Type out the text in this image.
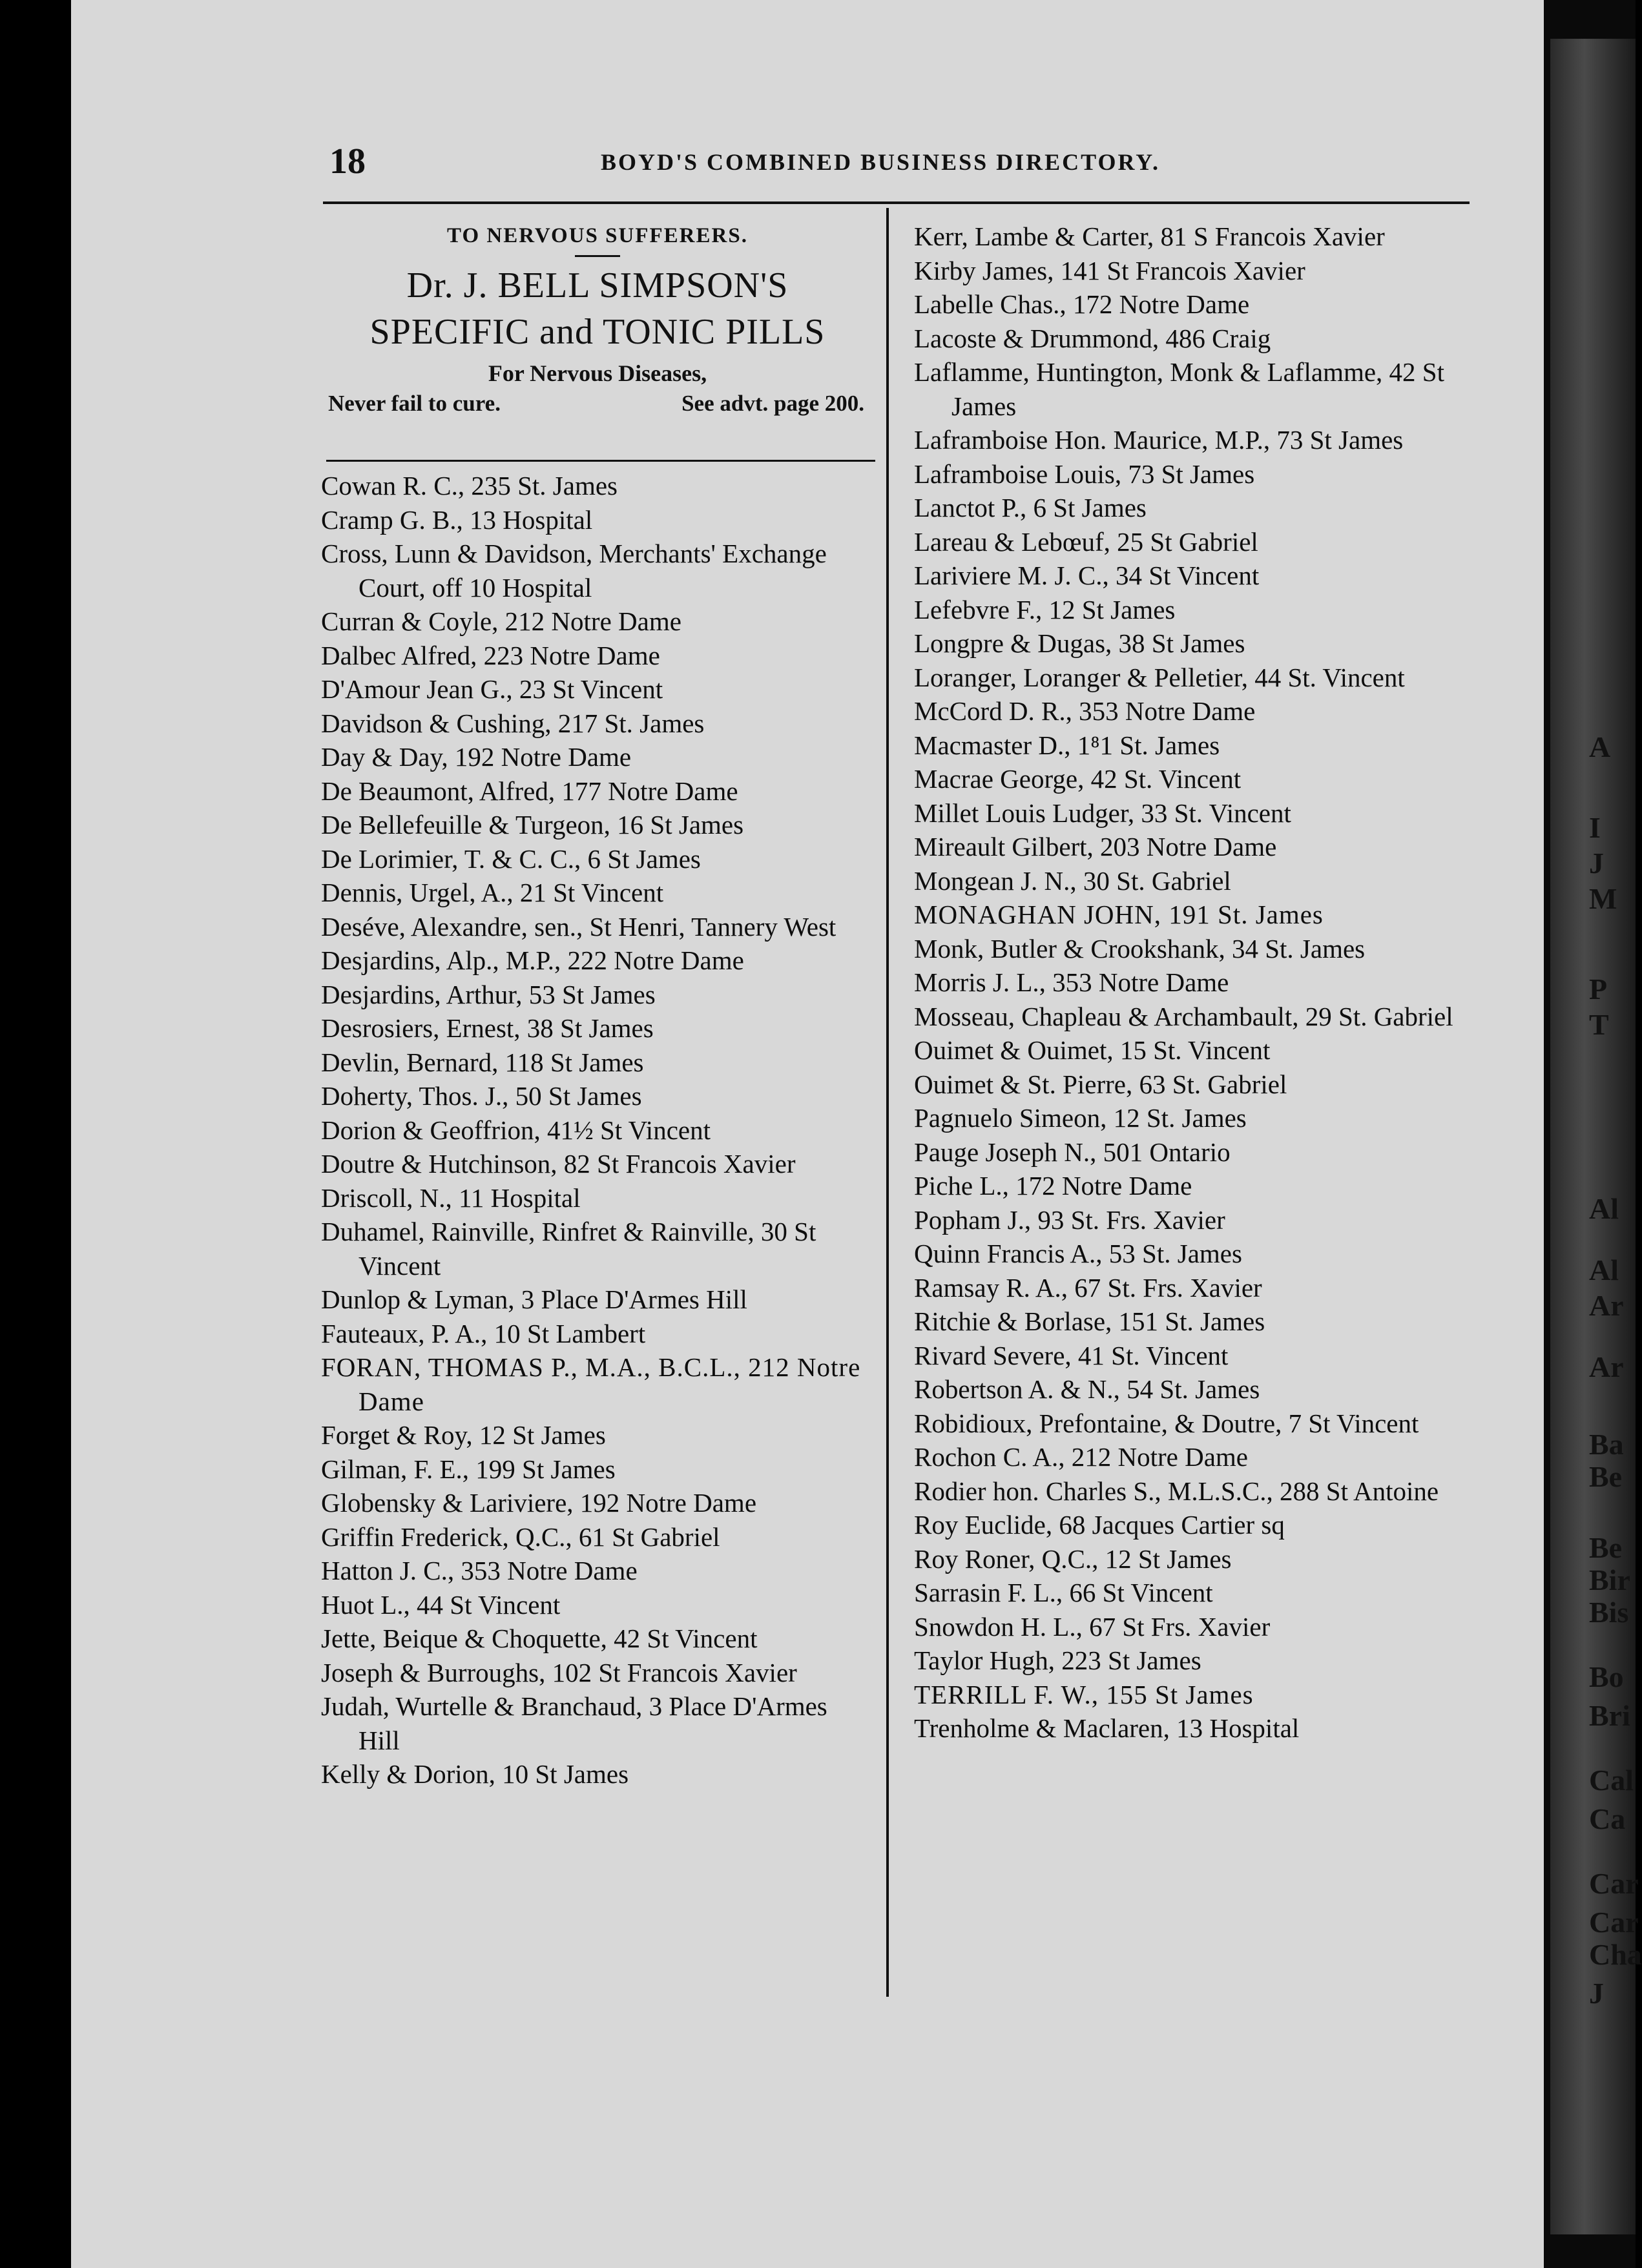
18	BOYD'S COMBINED BUSINESS DIRECTORY.
TO NERVOUS SUFFERERS.
Dr. J. BELL SIMPSON'S
SPECIFIC and TONIC PILLS
For Nervous Diseases,
Never fail to cure.	See advt. page 200.
Cowan R. C., 235 St. James
Cramp G. B., 13 Hospital
Cross, Lunn & Davidson, Merchants' Exchange Court, off 10 Hospital
Curran & Coyle, 212 Notre Dame
Dalbec Alfred, 223 Notre Dame
D'Amour Jean G., 23 St Vincent
Davidson & Cushing, 217 St. James
Day & Day, 192 Notre Dame
De Beaumont, Alfred, 177 Notre Dame
De Bellefeuille & Turgeon, 16 St James
De Lorimier, T. & C. C., 6 St James
Dennis, Urgel, A., 21 St Vincent
Deséve, Alexandre, sen., St Henri, Tannery West
Desjardins, Alp., M.P., 222 Notre Dame
Desjardins, Arthur, 53 St James
Desrosiers, Ernest, 38 St James
Devlin, Bernard, 118 St James
Doherty, Thos. J., 50 St James
Dorion & Geoffrion, 41½ St Vincent
Doutre & Hutchinson, 82 St Francois Xavier
Driscoll, N., 11 Hospital
Duhamel, Rainville, Rinfret & Rainville, 30 St Vincent
Dunlop & Lyman, 3 Place D'Armes Hill
Fauteaux, P. A., 10 St Lambert
FORAN, THOMAS P., M.A., B.C.L., 212 Notre Dame
Forget & Roy, 12 St James
Gilman, F. E., 199 St James
Globensky & Lariviere, 192 Notre Dame
Griffin Frederick, Q.C., 61 St Gabriel
Hatton J. C., 353 Notre Dame
Huot L., 44 St Vincent
Jette, Beique & Choquette, 42 St Vincent
Joseph & Burroughs, 102 St Francois Xavier
Judah, Wurtelle & Branchaud, 3 Place D'Armes Hill
Kelly & Dorion, 10 St James
Kerr, Lambe & Carter, 81 S Francois Xavier
Kirby James, 141 St Francois Xavier
Labelle Chas., 172 Notre Dame
Lacoste & Drummond, 486 Craig
Laflamme, Huntington, Monk & Laflamme, 42 St James
Laframboise Hon. Maurice, M.P., 73 St James
Laframboise Louis, 73 St James
Lanctot P., 6 St James
Lareau & Lebœuf, 25 St Gabriel
Lariviere M. J. C., 34 St Vincent
Lefebvre F., 12 St James
Longpre & Dugas, 38 St James
Loranger, Loranger & Pelletier, 44 St. Vincent
McCord D. R., 353 Notre Dame
Macmaster D., 1⁸1 St. James
Macrae George, 42 St. Vincent
Millet Louis Ludger, 33 St. Vincent
Mireault Gilbert, 203 Notre Dame
Mongean J. N., 30 St. Gabriel
MONAGHAN JOHN, 191 St. James
Monk, Butler & Crookshank, 34 St. James
Morris J. L., 353 Notre Dame
Mosseau, Chapleau & Archambault, 29 St. Gabriel
Ouimet & Ouimet, 15 St. Vincent
Ouimet & St. Pierre, 63 St. Gabriel
Pagnuelo Simeon, 12 St. James
Pauge Joseph N., 501 Ontario
Piche L., 172 Notre Dame
Popham J., 93 St. Frs. Xavier
Quinn Francis A., 53 St. James
Ramsay R. A., 67 St. Frs. Xavier
Ritchie & Borlase, 151 St. James
Rivard Severe, 41 St. Vincent
Robertson A. & N., 54 St. James
Robidioux, Prefontaine, & Doutre, 7 St Vincent
Rochon C. A., 212 Notre Dame
Rodier hon. Charles S., M.L.S.C., 288 St Antoine
Roy Euclide, 68 Jacques Cartier sq
Roy Roner, Q.C., 12 St James
Sarrasin F. L., 66 St Vincent
Snowdon H. L., 67 St Frs. Xavier
Taylor Hugh, 223 St James
TERRILL F. W., 155 St James
Trenholme & Maclaren, 13 Hospital
A
I
J
M
P
T
Al
Al
Ar
Ar
Ba
Be
Be
Bir
Bis
Bo
Bri
Cal
Ca
Car
Car
Cha
J
